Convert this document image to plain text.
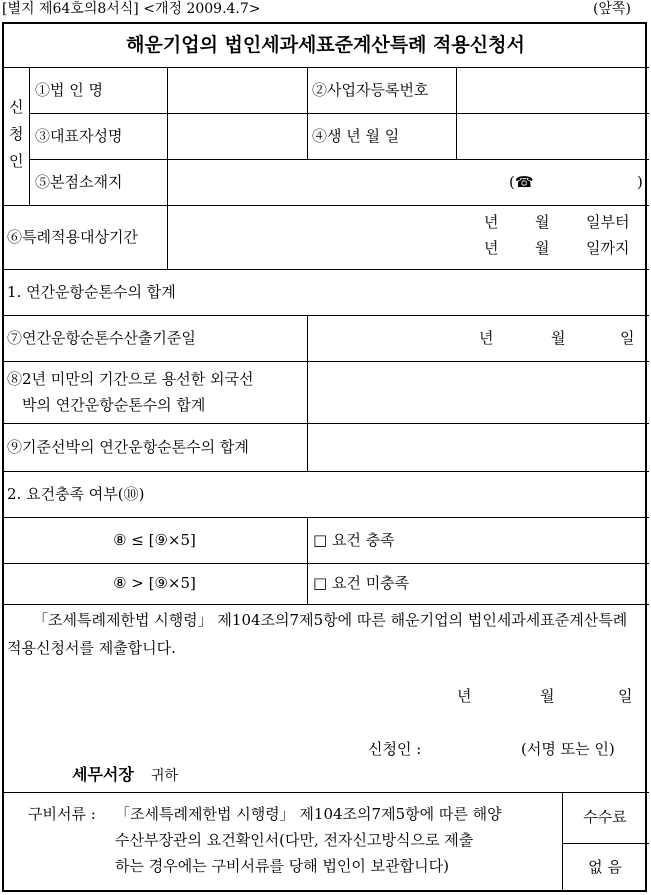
[별지 제64호의8서식] <개정 2009.4.7>	(앞쪽)
해운기업의 법인세과세표준계산특례 적용신청서
신
청
인
①법 인 명	②사업자등록번호
③대표자성명	④생 년 월 일
⑤본점소재지	(☎	)
⑥특례적용대상기간
년 월 일부터
년 월 일까지
1. 연간운항순톤수의 합계
⑦연간운항순톤수산출기준일	년	월	일
⑧2년 미만의 기간으로 용선한 외국선
박의 연간운항순톤수의 합계
⑨기준선박의 연간운항순톤수의 합계
2. 요건충족 여부(⑩)
⑧ ≤ [⑨×5]	□ 요건 충족
⑧ > [⑨×5]	□ 요건 미충족
「조세특례제한법 시행령」 제104조의7제5항에 따른 해운기업의 법인세과세표준계산특례 적용신청서를 제출합니다.
년	월	일
신청인 :	(서명 또는 인)
세무서장 귀하
구비서류 : 「조세특례제한법 시행령」 제104조의7제5항에 따른 해양
수산부장관의 요건확인서(다만, 전자신고방식으로 제출
하는 경우에는 구비서류를 당해 법인이 보관합니다)
수수료
없 음
